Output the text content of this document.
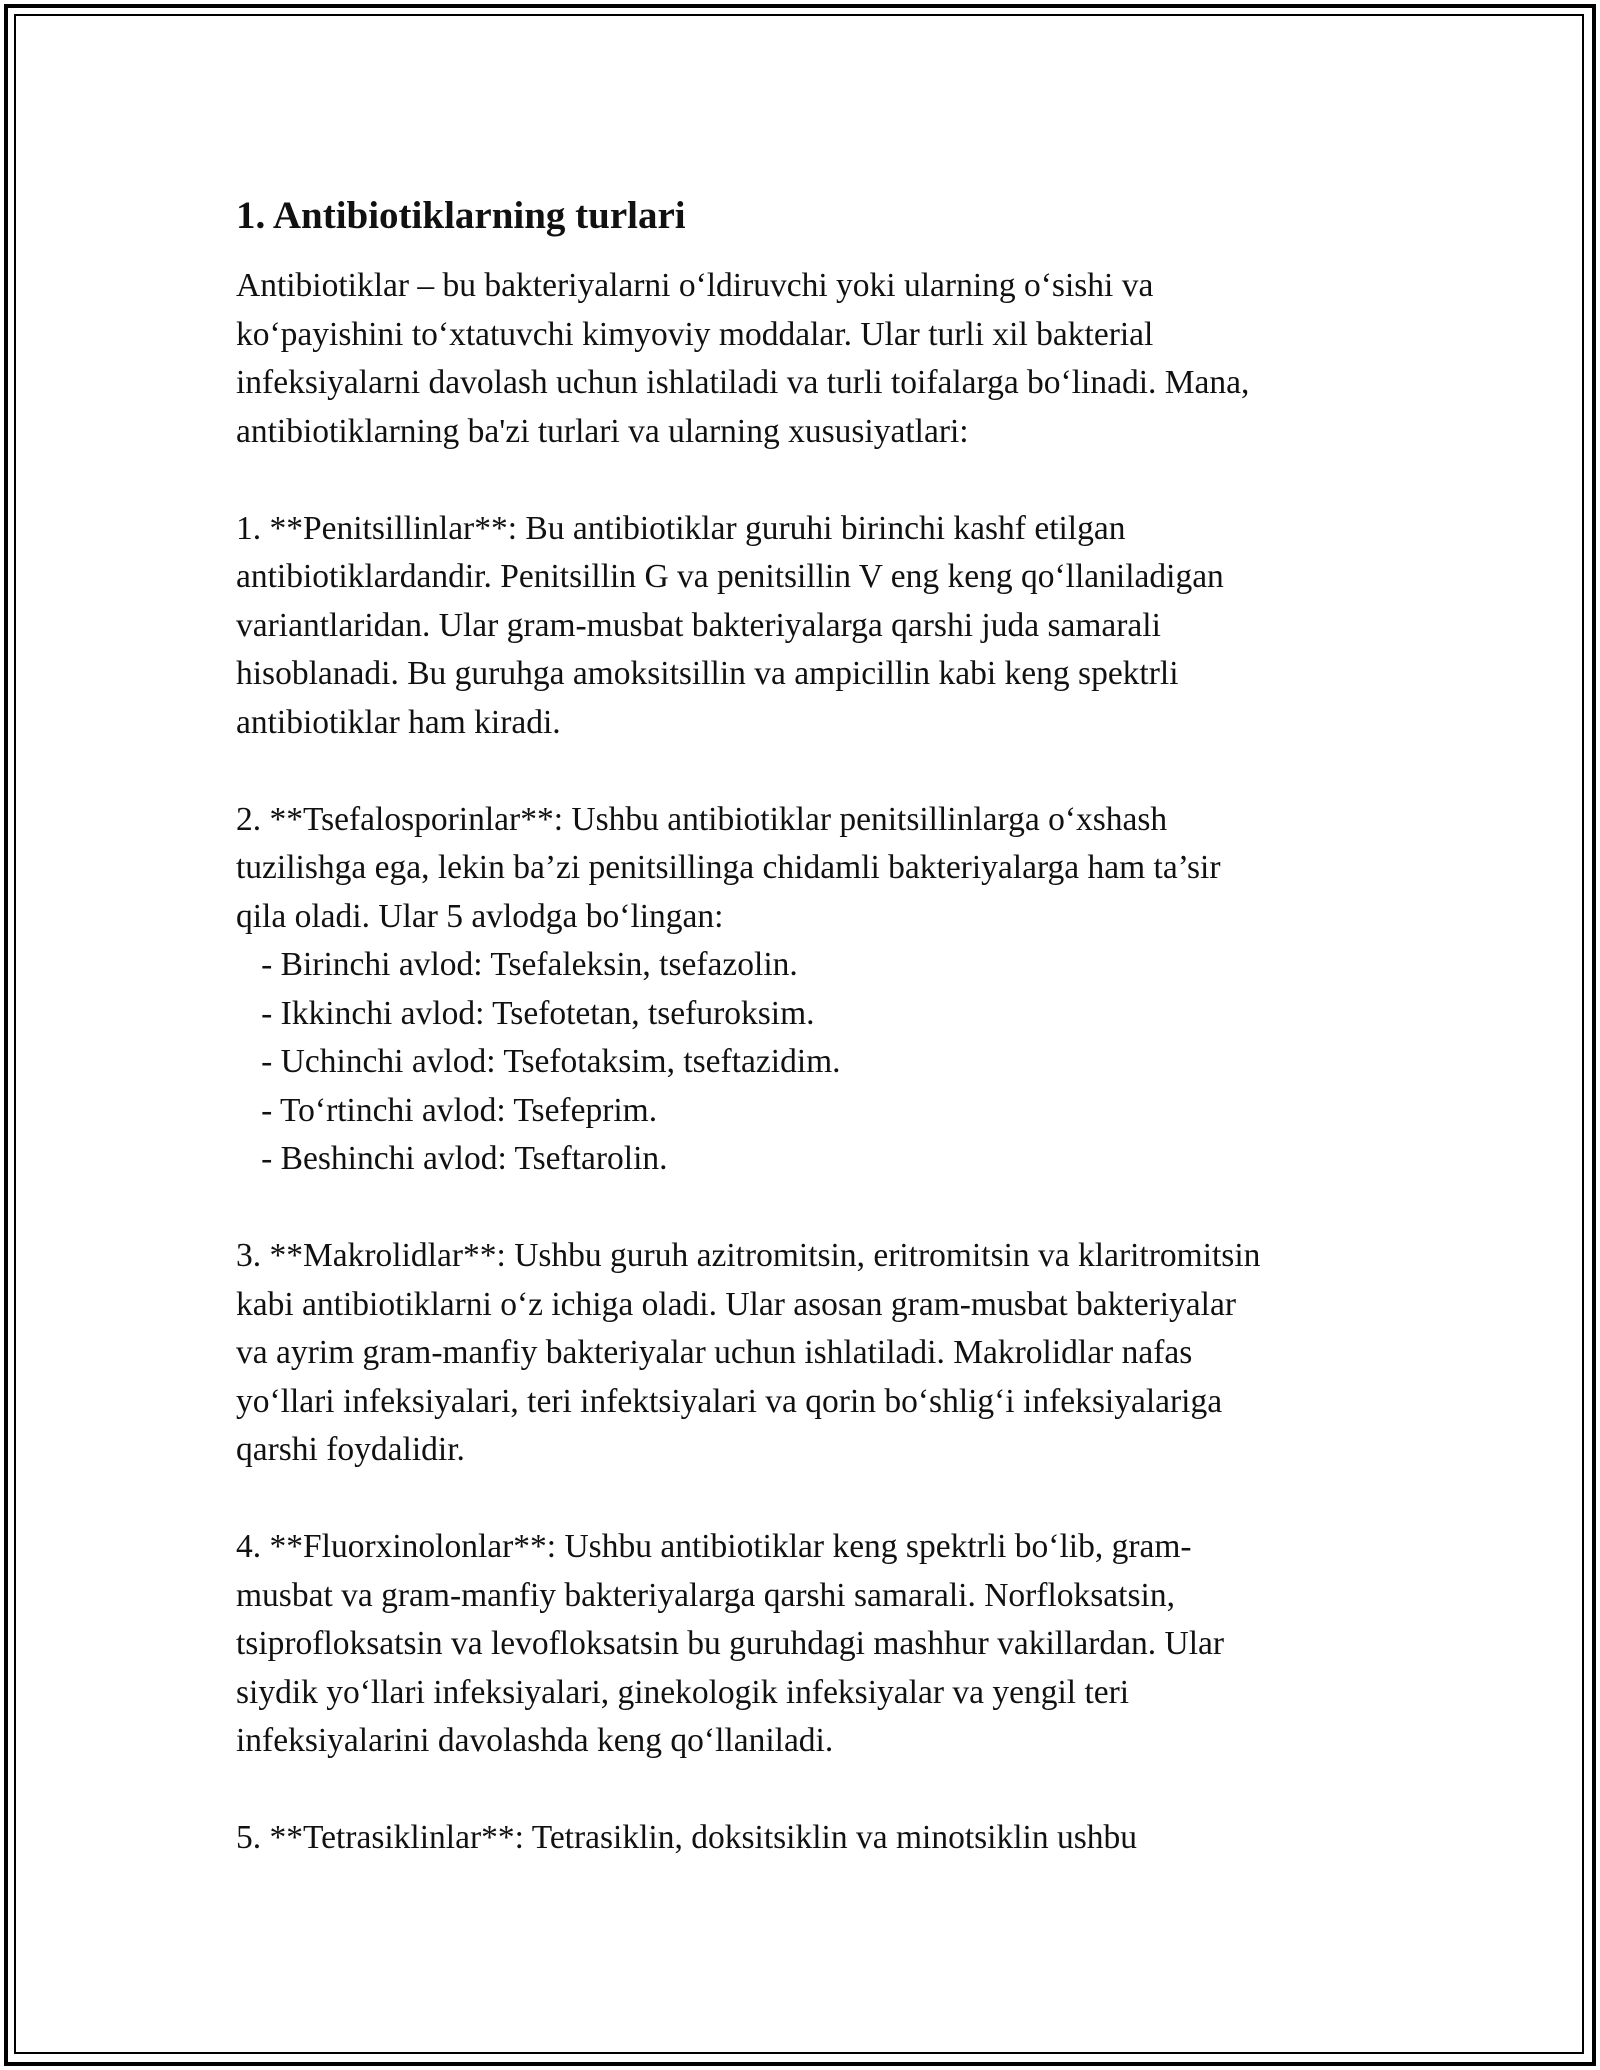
1. Antibiotiklarning turlari
Antibiotiklar – bu bakteriyalarni o‘ldiruvchi yoki ularning o‘sishi va
ko‘payishini to‘xtatuvchi kimyoviy moddalar. Ular turli xil bakterial
infeksiyalarni davolash uchun ishlatiladi va turli toifalarga bo‘linadi. Mana,
antibiotiklarning ba'zi turlari va ularning xususiyatlari:
1. **Penitsillinlar**: Bu antibiotiklar guruhi birinchi kashf etilgan
antibiotiklardandir. Penitsillin G va penitsillin V eng keng qo‘llaniladigan
variantlaridan. Ular gram-musbat bakteriyalarga qarshi juda samarali
hisoblanadi. Bu guruhga amoksitsillin va ampicillin kabi keng spektrli
antibiotiklar ham kiradi.
2. **Tsefalosporinlar**: Ushbu antibiotiklar penitsillinlarga o‘xshash
tuzilishga ega, lekin ba’zi penitsillinga chidamli bakteriyalarga ham ta’sir
qila oladi. Ular 5 avlodga bo‘lingan:
- Birinchi avlod: Tsefaleksin, tsefazolin.
- Ikkinchi avlod: Tsefotetan, tsefuroksim.
- Uchinchi avlod: Tsefotaksim, tseftazidim.
- To‘rtinchi avlod: Tsefeprim.
- Beshinchi avlod: Tseftarolin.
3. **Makrolidlar**: Ushbu guruh azitromitsin, eritromitsin va klaritromitsin
kabi antibiotiklarni o‘z ichiga oladi. Ular asosan gram-musbat bakteriyalar
va ayrim gram-manfiy bakteriyalar uchun ishlatiladi. Makrolidlar nafas
yo‘llari infeksiyalari, teri infektsiyalari va qorin bo‘shlig‘i infeksiyalariga
qarshi foydalidir.
4. **Fluorxinolonlar**: Ushbu antibiotiklar keng spektrli bo‘lib, gram-
musbat va gram-manfiy bakteriyalarga qarshi samarali. Norfloksatsin,
tsiprofloksatsin va levofloksatsin bu guruhdagi mashhur vakillardan. Ular
siydik yo‘llari infeksiyalari, ginekologik infeksiyalar va yengil teri
infeksiyalarini davolashda keng qo‘llaniladi.
5. **Tetrasiklinlar**: Tetrasiklin, doksitsiklin va minotsiklin ushbu
